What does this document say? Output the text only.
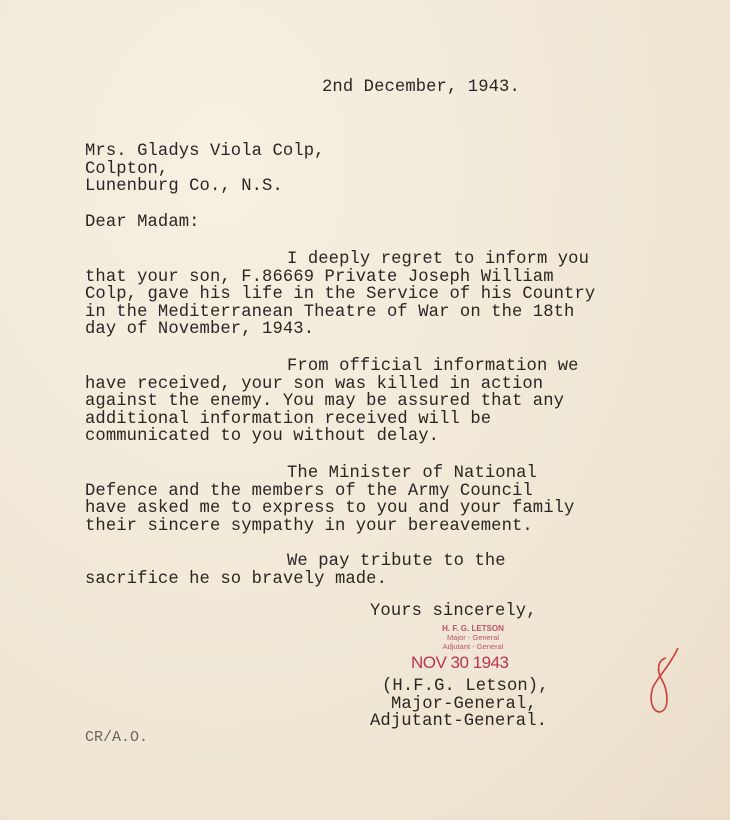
2nd December, 1943.
Mrs. Gladys Viola Colp,
Colpton,
Lunenburg Co., N.S.
Dear Madam:
I deeply regret to inform you
that your son, F.86669 Private Joseph William
Colp, gave his life in the Service of his Country
in the Mediterranean Theatre of War on the 18th
day of November, 1943.
From official information we
have received, your son was killed in action
against the enemy. You may be assured that any
additional information received will be
communicated to you without delay.
The Minister of National
Defence and the members of the Army Council
have asked me to express to you and your family
their sincere sympathy in your bereavement.
We pay tribute to the
sacrifice he so bravely made.
Yours sincerely,
H. F. G. LETSON
Major - General
Adjutant - General
NOV 30 1943
(H.F.G. Letson),
Major-General,
Adjutant-General.
CR/A.O.
